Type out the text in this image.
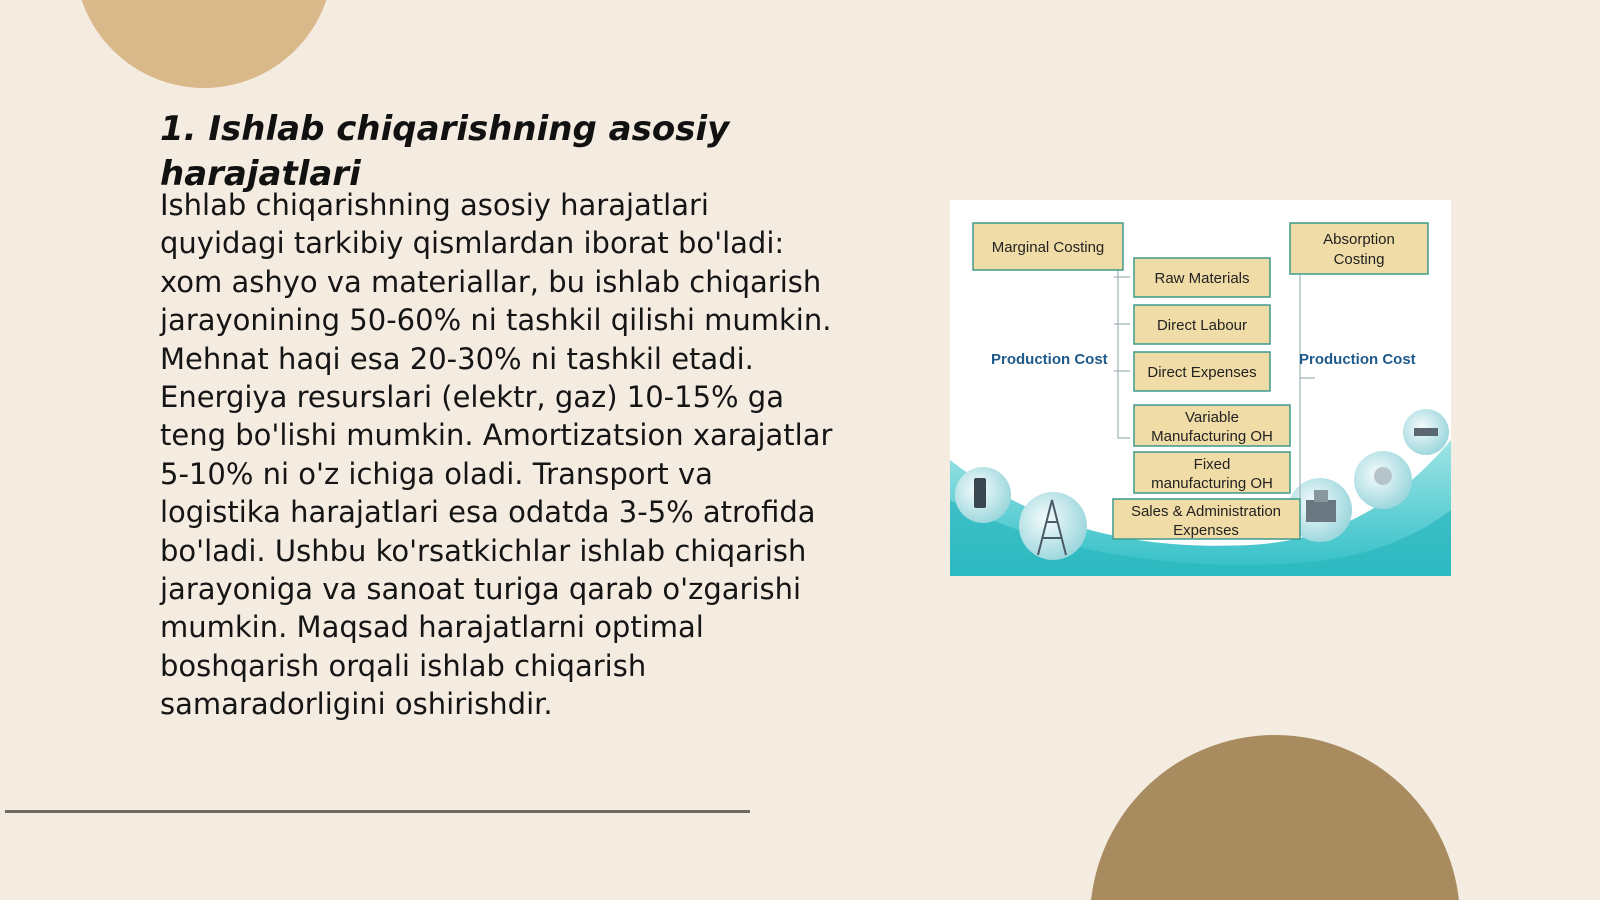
1. Ishlab chiqarishning asosiy harajatlari

Ishlab chiqarishning asosiy harajatlari quyidagi tarkibiy qismlardan iborat bo'ladi: xom ashyo va materiallar, bu ishlab chiqarish jarayonining 50-60% ni tashkil qilishi mumkin. Mehnat haqi esa 20-30% ni tashkil etadi. Energiya resurslari (elektr, gaz) 10-15% ga teng bo'lishi mumkin. Amortizatsion xarajatlar 5-10% ni o'z ichiga oladi. Transport va logistika harajatlari esa odatda 3-5% atrofida bo'ladi. Ushbu ko'rsatkichlar ishlab chiqarish jarayoniga va sanoat turiga qarab o'zgarishi mumkin. Maqsad harajatlarni optimal boshqarish orqali ishlab chiqarish samaradorligini oshirishdir.

Marginal Costing	Absorption
Costing
Raw Materials
Direct Labour
Direct Expenses
Variable
Manufacturing OH
Fixed
manufacturing OH
Sales & Administration
Expenses
Production Cost	Production Cost
